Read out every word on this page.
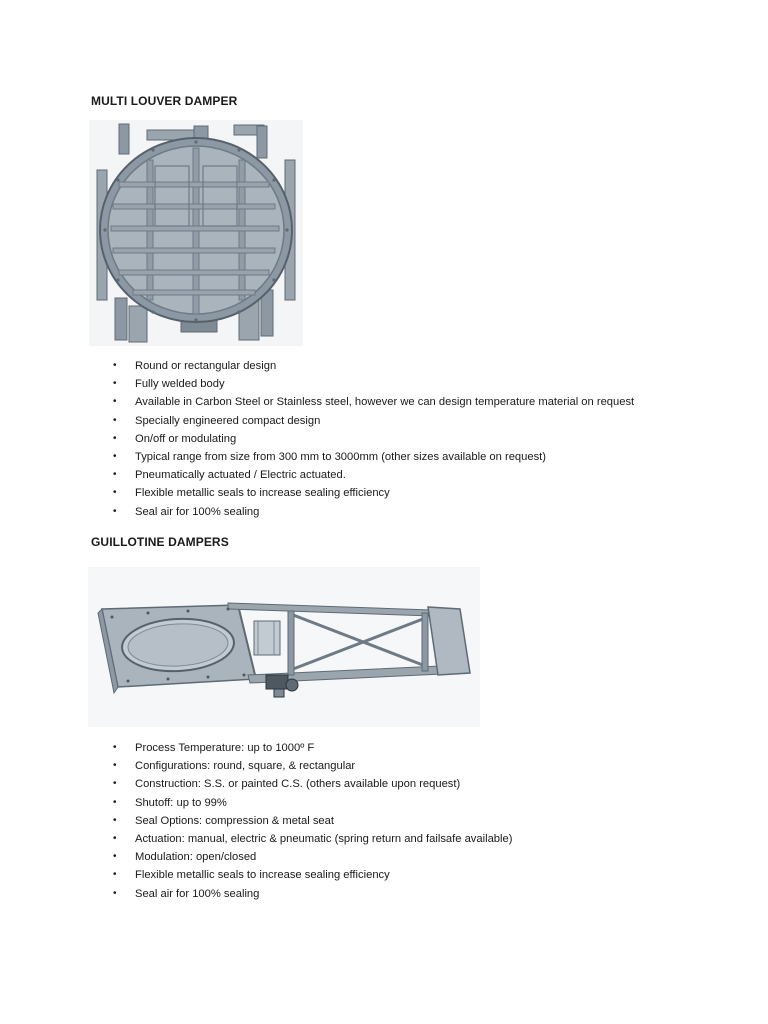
MULTI LOUVER DAMPER
• Round or rectangular design
• Fully welded body
• Available in Carbon Steel or Stainless steel, however we can design temperature material on request
• Specially engineered compact design
• On/off or modulating
• Typical range from size from 300 mm to 3000mm (other sizes available on request)
• Pneumatically actuated / Electric actuated.
• Flexible metallic seals to increase sealing efficiency
• Seal air for 100% sealing
GUILLOTINE DAMPERS
• Process Temperature: up to 1000º F
• Configurations: round, square, & rectangular
• Construction: S.S. or painted C.S. (others available upon request)
• Shutoff: up to 99%
• Seal Options: compression & metal seat
• Actuation: manual, electric & pneumatic (spring return and failsafe available)
• Modulation: open/closed
• Flexible metallic seals to increase sealing efficiency
• Seal air for 100% sealing
